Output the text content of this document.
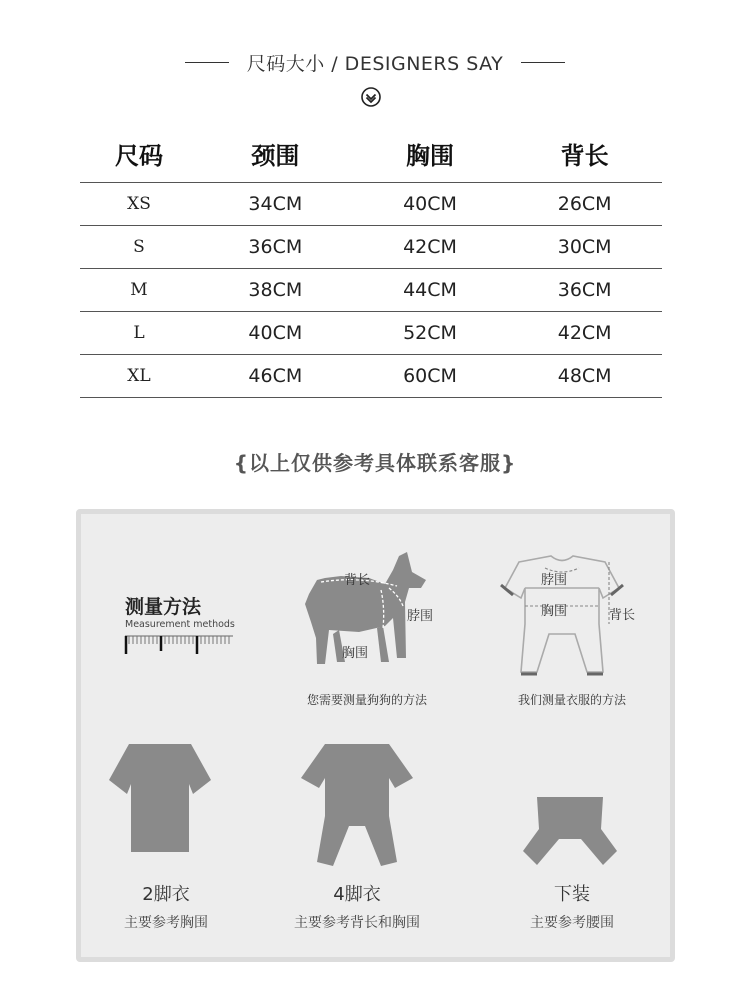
尺码大小 / DESIGNERS SAY
尺码	颈围	胸围	背长
XS	34CM	40CM	26CM
S	36CM	42CM	30CM
M	38CM	44CM	36CM
L	40CM	52CM	42CM
XL	46CM	60CM	48CM
{以上仅供参考具体联系客服}
测量方法
Measurement methods
背长
脖围
胸围
您需要测量狗狗的方法
脖围
胸围	背长
我们测量衣服的方法
2脚衣
主要参考胸围
4脚衣
主要参考背长和胸围
下装
主要参考腰围
